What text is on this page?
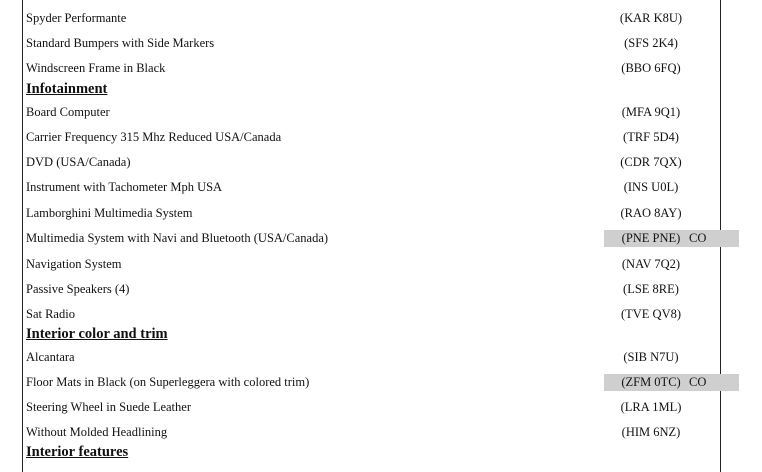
Spyder Performante	(KAR K8U)
Standard Bumpers with Side Markers	(SFS 2K4)
Windscreen Frame in Black	(BBO 6FQ)
Infotainment
Board Computer	(MFA 9Q1)
Carrier Frequency 315 Mhz Reduced USA/Canada	(TRF 5D4)
DVD (USA/Canada)	(CDR 7QX)
Instrument with Tachometer Mph USA	(INS U0L)
Lamborghini Multimedia System	(RAO 8AY)
Multimedia System with Navi and Bluetooth (USA/Canada)	(PNE PNE) CO
Navigation System	(NAV 7Q2)
Passive Speakers (4)	(LSE 8RE)
Sat Radio	(TVE QV8)
Interior color and trim
Alcantara	(SIB N7U)
Floor Mats in Black (on Superleggera with colored trim)	(ZFM 0TC) CO
Steering Wheel in Suede Leather	(LRA 1ML)
Without Molded Headlining	(HIM 6NZ)
Interior features
